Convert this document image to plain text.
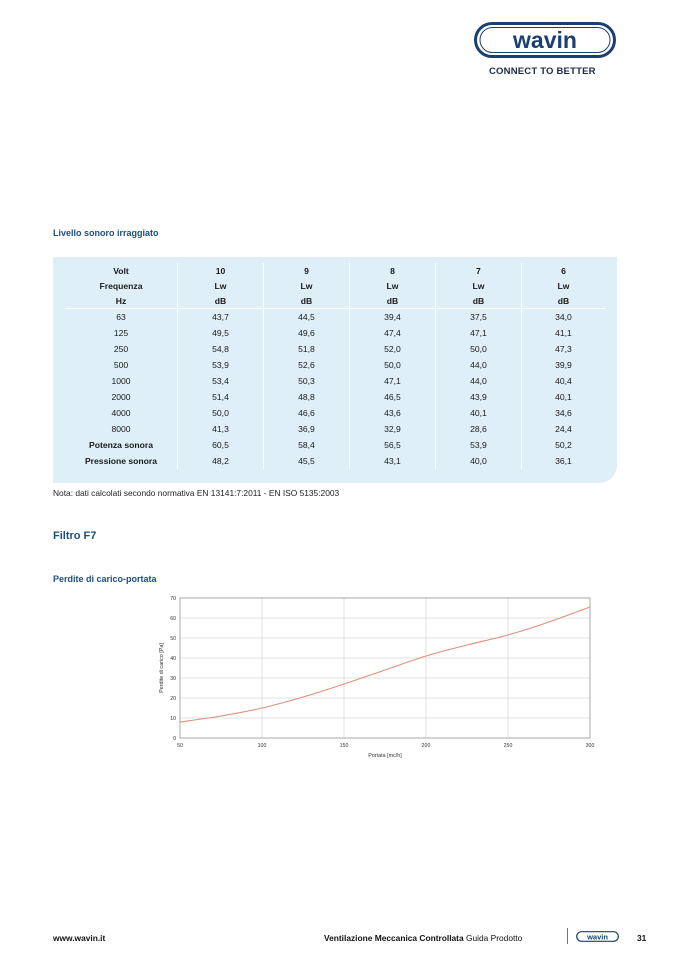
wavin
CONNECT TO BETTER
Livello sonoro irraggiato
Volt	10	9	8	7	6
Frequenza	Lw	Lw	Lw	Lw	Lw
Hz	dB	dB	dB	dB	dB
63	43,7	44,5	39,4	37,5	34,0
125	49,5	49,6	47,4	47,1	41,1
250	54,8	51,8	52,0	50,0	47,3
500	53,9	52,6	50,0	44,0	39,9
1000	53,4	50,3	47,1	44,0	40,4
2000	51,4	48,8	46,5	43,9	40,1
4000	50,0	46,6	43,6	40,1	34,6
8000	41,3	36,9	32,9	28,6	24,4
Potenza sonora	60,5	58,4	56,5	53,9	50,2
Pressione sonora	48,2	45,5	43,1	40,0	36,1
Nota: dati calcolati secondo normativa EN 13141:7:2011 - EN ISO 5135:2003
Filtro F7
Perdite di carico-portata
0
10
20
30
40
50
60
70
50	100	150	200	250	300
Portata [mc/h]
Perdite di carico [Pa]
www.wavin.it	Ventilazione Meccanica Controllata Guida Prodotto	wavin	31
